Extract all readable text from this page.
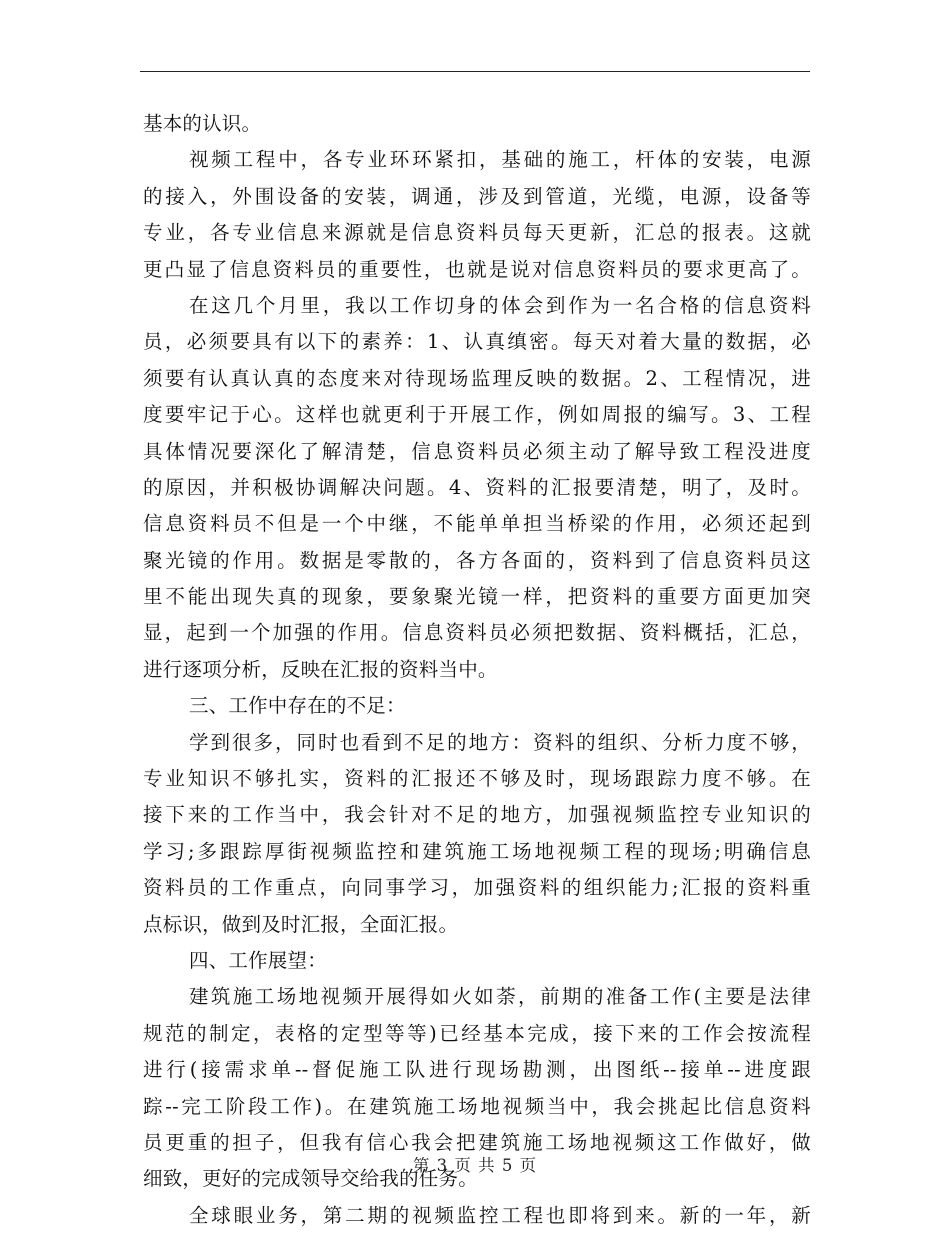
基本的认识。
视频工程中，各专业环环紧扣，基础的施工，杆体的安装，电源
的接入，外围设备的安装，调通，涉及到管道，光缆，电源，设备等
专业，各专业信息来源就是信息资料员每天更新，汇总的报表。这就
更凸显了信息资料员的重要性，也就是说对信息资料员的要求更高了。
在这几个月里，我以工作切身的体会到作为一名合格的信息资料
员，必须要具有以下的素养：1、认真缜密。每天对着大量的数据，必
须要有认真认真的态度来对待现场监理反映的数据。2、工程情况，进
度要牢记于心。这样也就更利于开展工作，例如周报的编写。3、工程
具体情况要深化了解清楚，信息资料员必须主动了解导致工程没进度
的原因，并积极协调解决问题。4、资料的汇报要清楚，明了，及时。
信息资料员不但是一个中继，不能单单担当桥梁的作用，必须还起到
聚光镜的作用。数据是零散的，各方各面的，资料到了信息资料员这
里不能出现失真的现象，要象聚光镜一样，把资料的重要方面更加突
显，起到一个加强的作用。信息资料员必须把数据、资料概括，汇总，
进行逐项分析，反映在汇报的资料当中。
三、工作中存在的不足：
学到很多，同时也看到不足的地方：资料的组织、分析力度不够，
专业知识不够扎实，资料的汇报还不够及时，现场跟踪力度不够。在
接下来的工作当中，我会针对不足的地方，加强视频监控专业知识的
学习;多跟踪厚街视频监控和建筑施工场地视频工程的现场;明确信息
资料员的工作重点，向同事学习，加强资料的组织能力;汇报的资料重
点标识，做到及时汇报，全面汇报。
四、工作展望：
建筑施工场地视频开展得如火如荼，前期的准备工作(主要是法律
规范的制定，表格的定型等等)已经基本完成，接下来的工作会按流程
进行(接需求单--督促施工队进行现场勘测，出图纸--接单--进度跟
踪--完工阶段工作)。在建筑施工场地视频当中，我会挑起比信息资料
员更重的担子，但我有信心我会把建筑施工场地视频这工作做好，做
细致，更好的完成领导交给我的任务。
全球眼业务，第二期的视频监控工程也即将到来。新的一年，新
第 3 页 共 5 页
